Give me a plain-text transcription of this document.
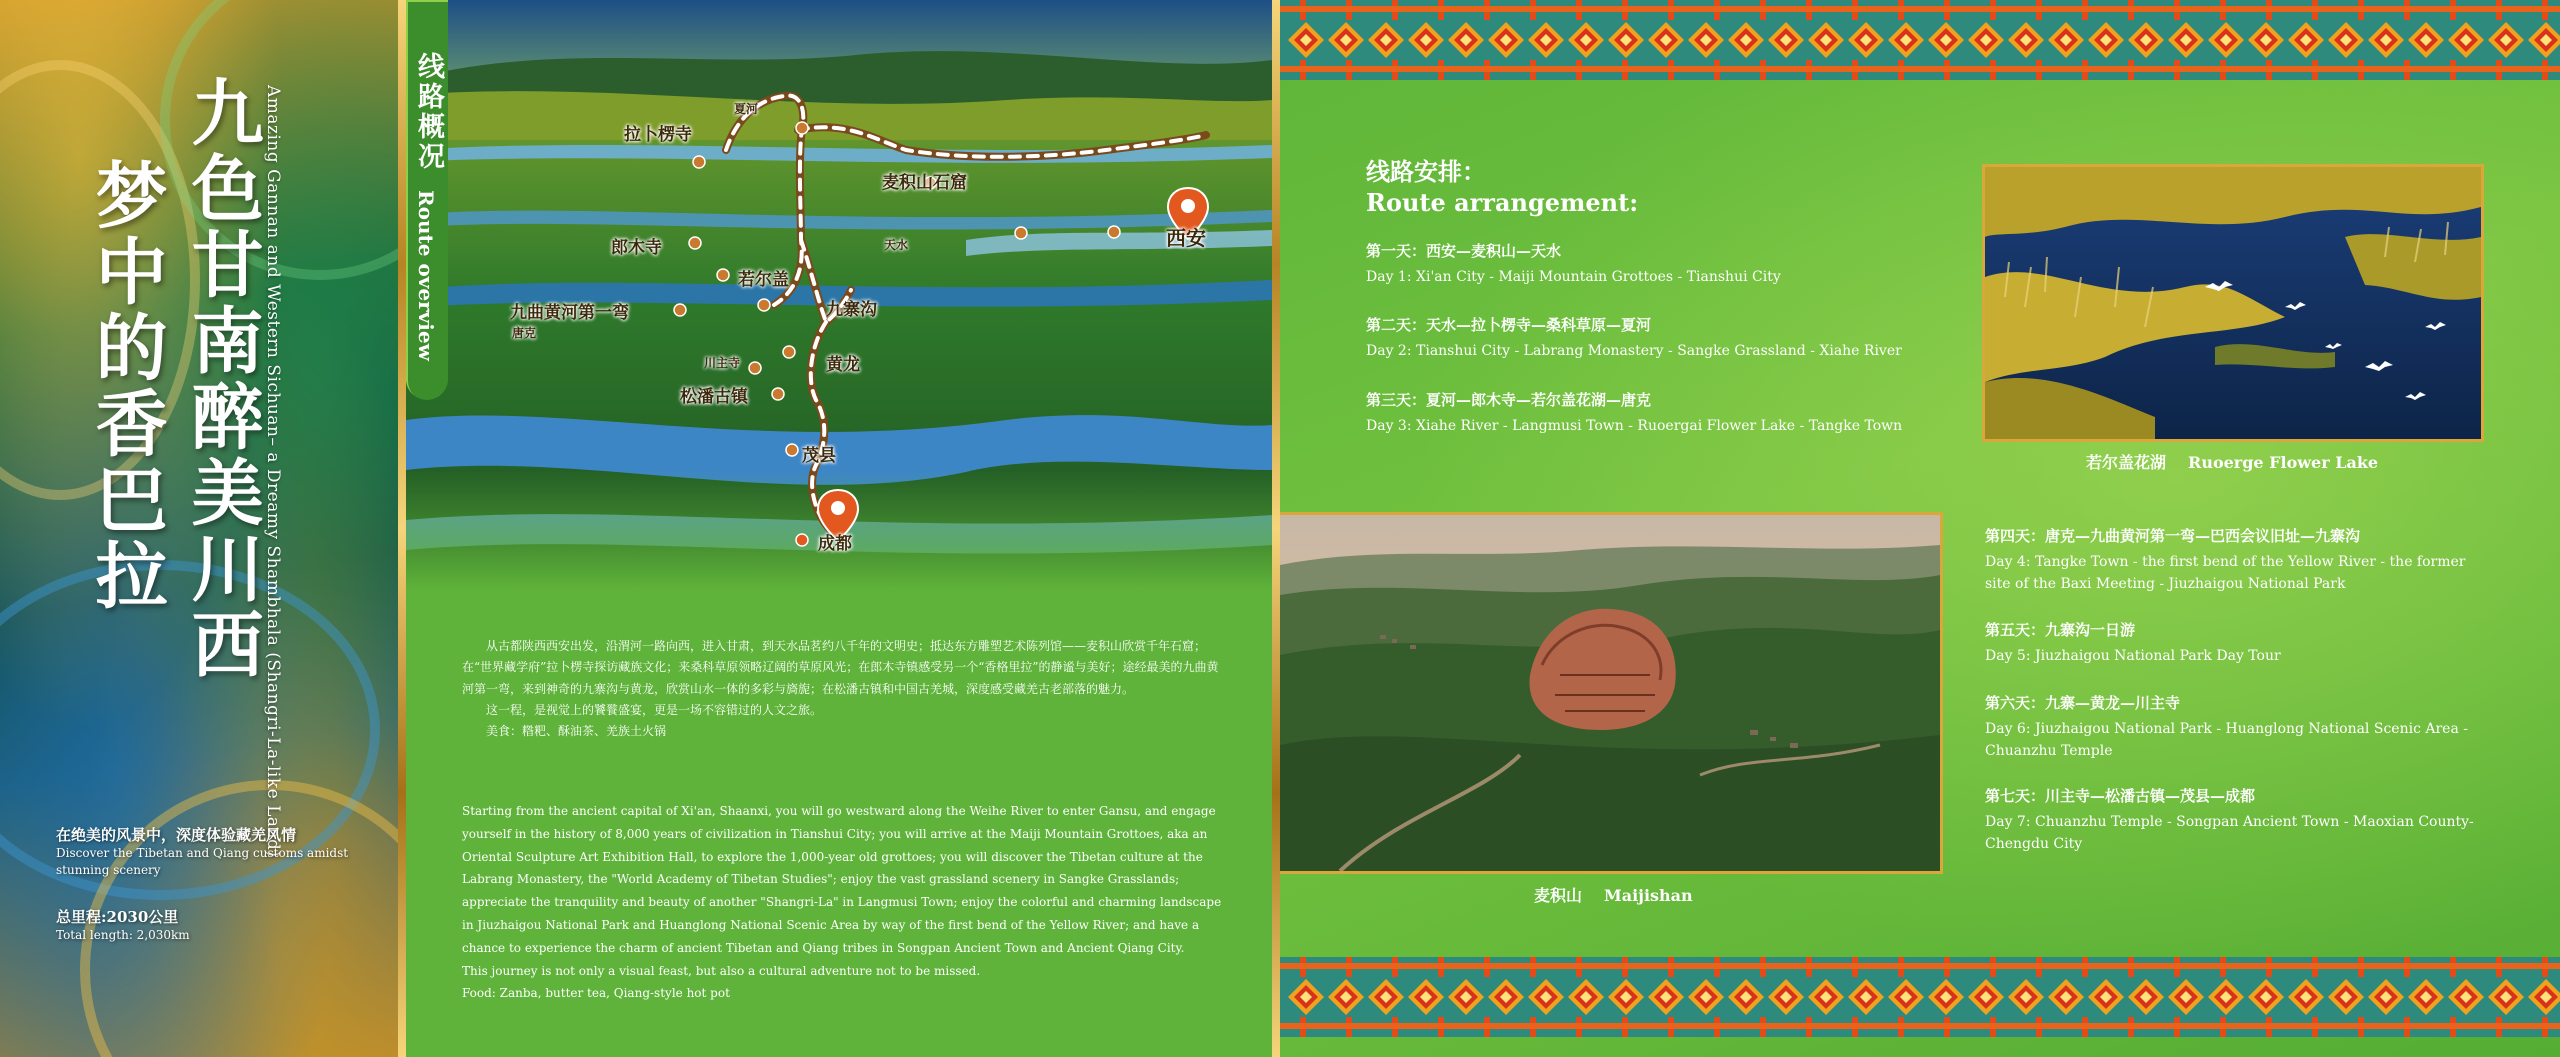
九色甘南醉美川西
梦中的香巴拉	Amazing Gannan and Western Sichuan– a Dreamy Shambhala (Shangri-La-like Land)
在绝美的风景中，深度体验藏羌风情
Discover the Tibetan and Qiang customs amidst stunning scenery
总里程:2030公里
Total length: 2,030km
线路概况
Route overview
拉卜楞寺
夏河
麦积山石窟
天水	西安
郎木寺
若尔盖
九曲黄河第一弯
唐克
九寨沟
川主寺	黄龙
松潘古镇
茂县
成都

从古都陕西西安出发，沿渭河一路向西，进入甘肃，到天水品茗约八千年的文明史；抵达东方雕塑艺术陈列馆——麦积山欣赏千年石窟；在“世界藏学府”拉卜楞寺探访藏族文化；来桑科草原领略辽阔的草原风光；在郎木寺镇感受另一个“香格里拉”的静谧与美好；途经最美的九曲黄河第一弯，来到神奇的九寨沟与黄龙，欣赏山水一体的多彩与旖旎；在松潘古镇和中国古羌城，深度感受藏羌古老部落的魅力。

这一程，是视觉上的饕餮盛宴，更是一场不容错过的人文之旅。

美食：糌粑、酥油茶、羌族土火锅

Starting from the ancient capital of Xi'an, Shaanxi, you will go westward along the Weihe River to enter Gansu, and engage yourself in the history of 8,000 years of civilization in Tianshui City; you will arrive at the Maiji Mountain Grottoes, aka an Oriental Sculpture Art Exhibition Hall, to explore the 1,000-year old grottoes; you will discover the Tibetan culture at the Labrang Monastery, the "World Academy of Tibetan Studies"; enjoy the vast grassland scenery in Sangke Grasslands; appreciate the tranquility and beauty of another "Shangri-La" in Langmusi Town; enjoy the colorful and charming landscape in Jiuzhaigou National Park and Huanglong National Scenic Area by way of the first bend of the Yellow River; and have a chance to experience the charm of ancient Tibetan and Qiang tribes in Songpan Ancient Town and Ancient Qiang City.

This journey is not only a visual feast, but also a cultural adventure not to be missed.

Food: Zanba, butter tea, Qiang-style hot pot

线路安排：
Route arrangement:
第一天：西安—麦积山—天水
Day 1: Xi'an City - Maiji Mountain Grottoes - Tianshui City
第二天：天水—拉卜楞寺—桑科草原—夏河
Day 2: Tianshui City - Labrang Monastery - Sangke Grassland - Xiahe River
第三天：夏河—郎木寺—若尔盖花湖—唐克
Day 3: Xiahe River - Langmusi Town - Ruoergai Flower Lake - Tangke Town
第四天：唐克—九曲黄河第一弯—巴西会议旧址—九寨沟
Day 4: Tangke Town - the first bend of the Yellow River - the former site of the Baxi Meeting - Jiuzhaigou National Park
第五天：九寨沟一日游
Day 5: Jiuzhaigou National Park Day Tour
第六天：九寨—黄龙—川主寺
Day 6: Jiuzhaigou National Park - Huanglong National Scenic Area - Chuanzhu Temple
第七天：川主寺—松潘古镇—茂县—成都
Day 7: Chuanzhu Temple - Songpan Ancient Town - Maoxian County- Chengdu City
若尔盖花湖 Ruoerge Flower Lake
麦积山 Maijishan
